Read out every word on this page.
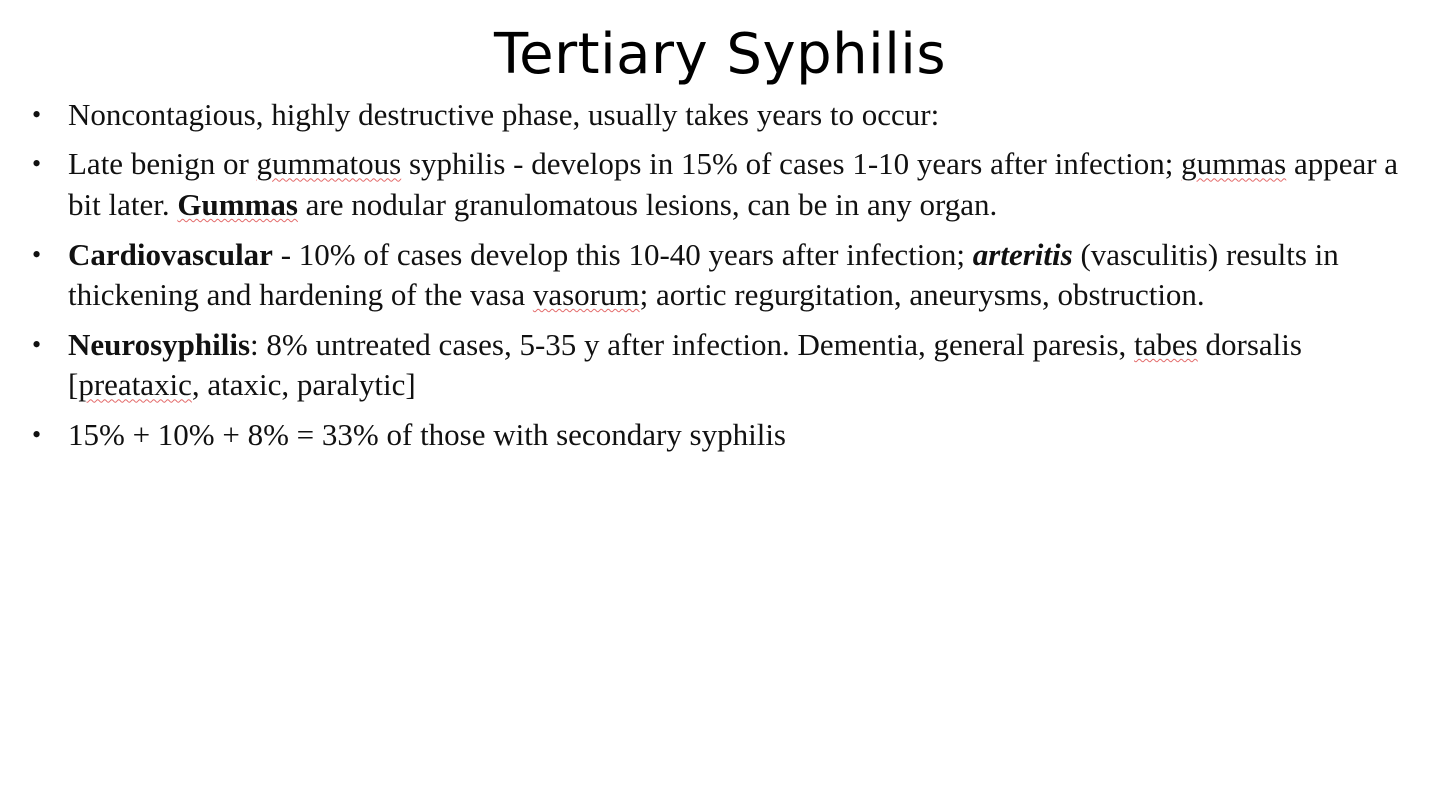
Tertiary Syphilis
• Noncontagious, highly destructive phase, usually takes years to occur:
• Late benign or gummatous syphilis - develops in 15% of cases 1-10 years after infection; gummas appear a bit later. Gummas are nodular granulomatous lesions, can be in any organ.
• Cardiovascular - 10% of cases develop this 10-40 years after infection; arteritis (vasculitis) results in thickening and hardening of the vasa vasorum; aortic regurgitation, aneurysms, obstruction.
• Neurosyphilis: 8% untreated cases, 5-35 y after infection. Dementia, general paresis, tabes dorsalis [preataxic, ataxic, paralytic]
• 15% + 10% + 8% = 33% of those with secondary syphilis
